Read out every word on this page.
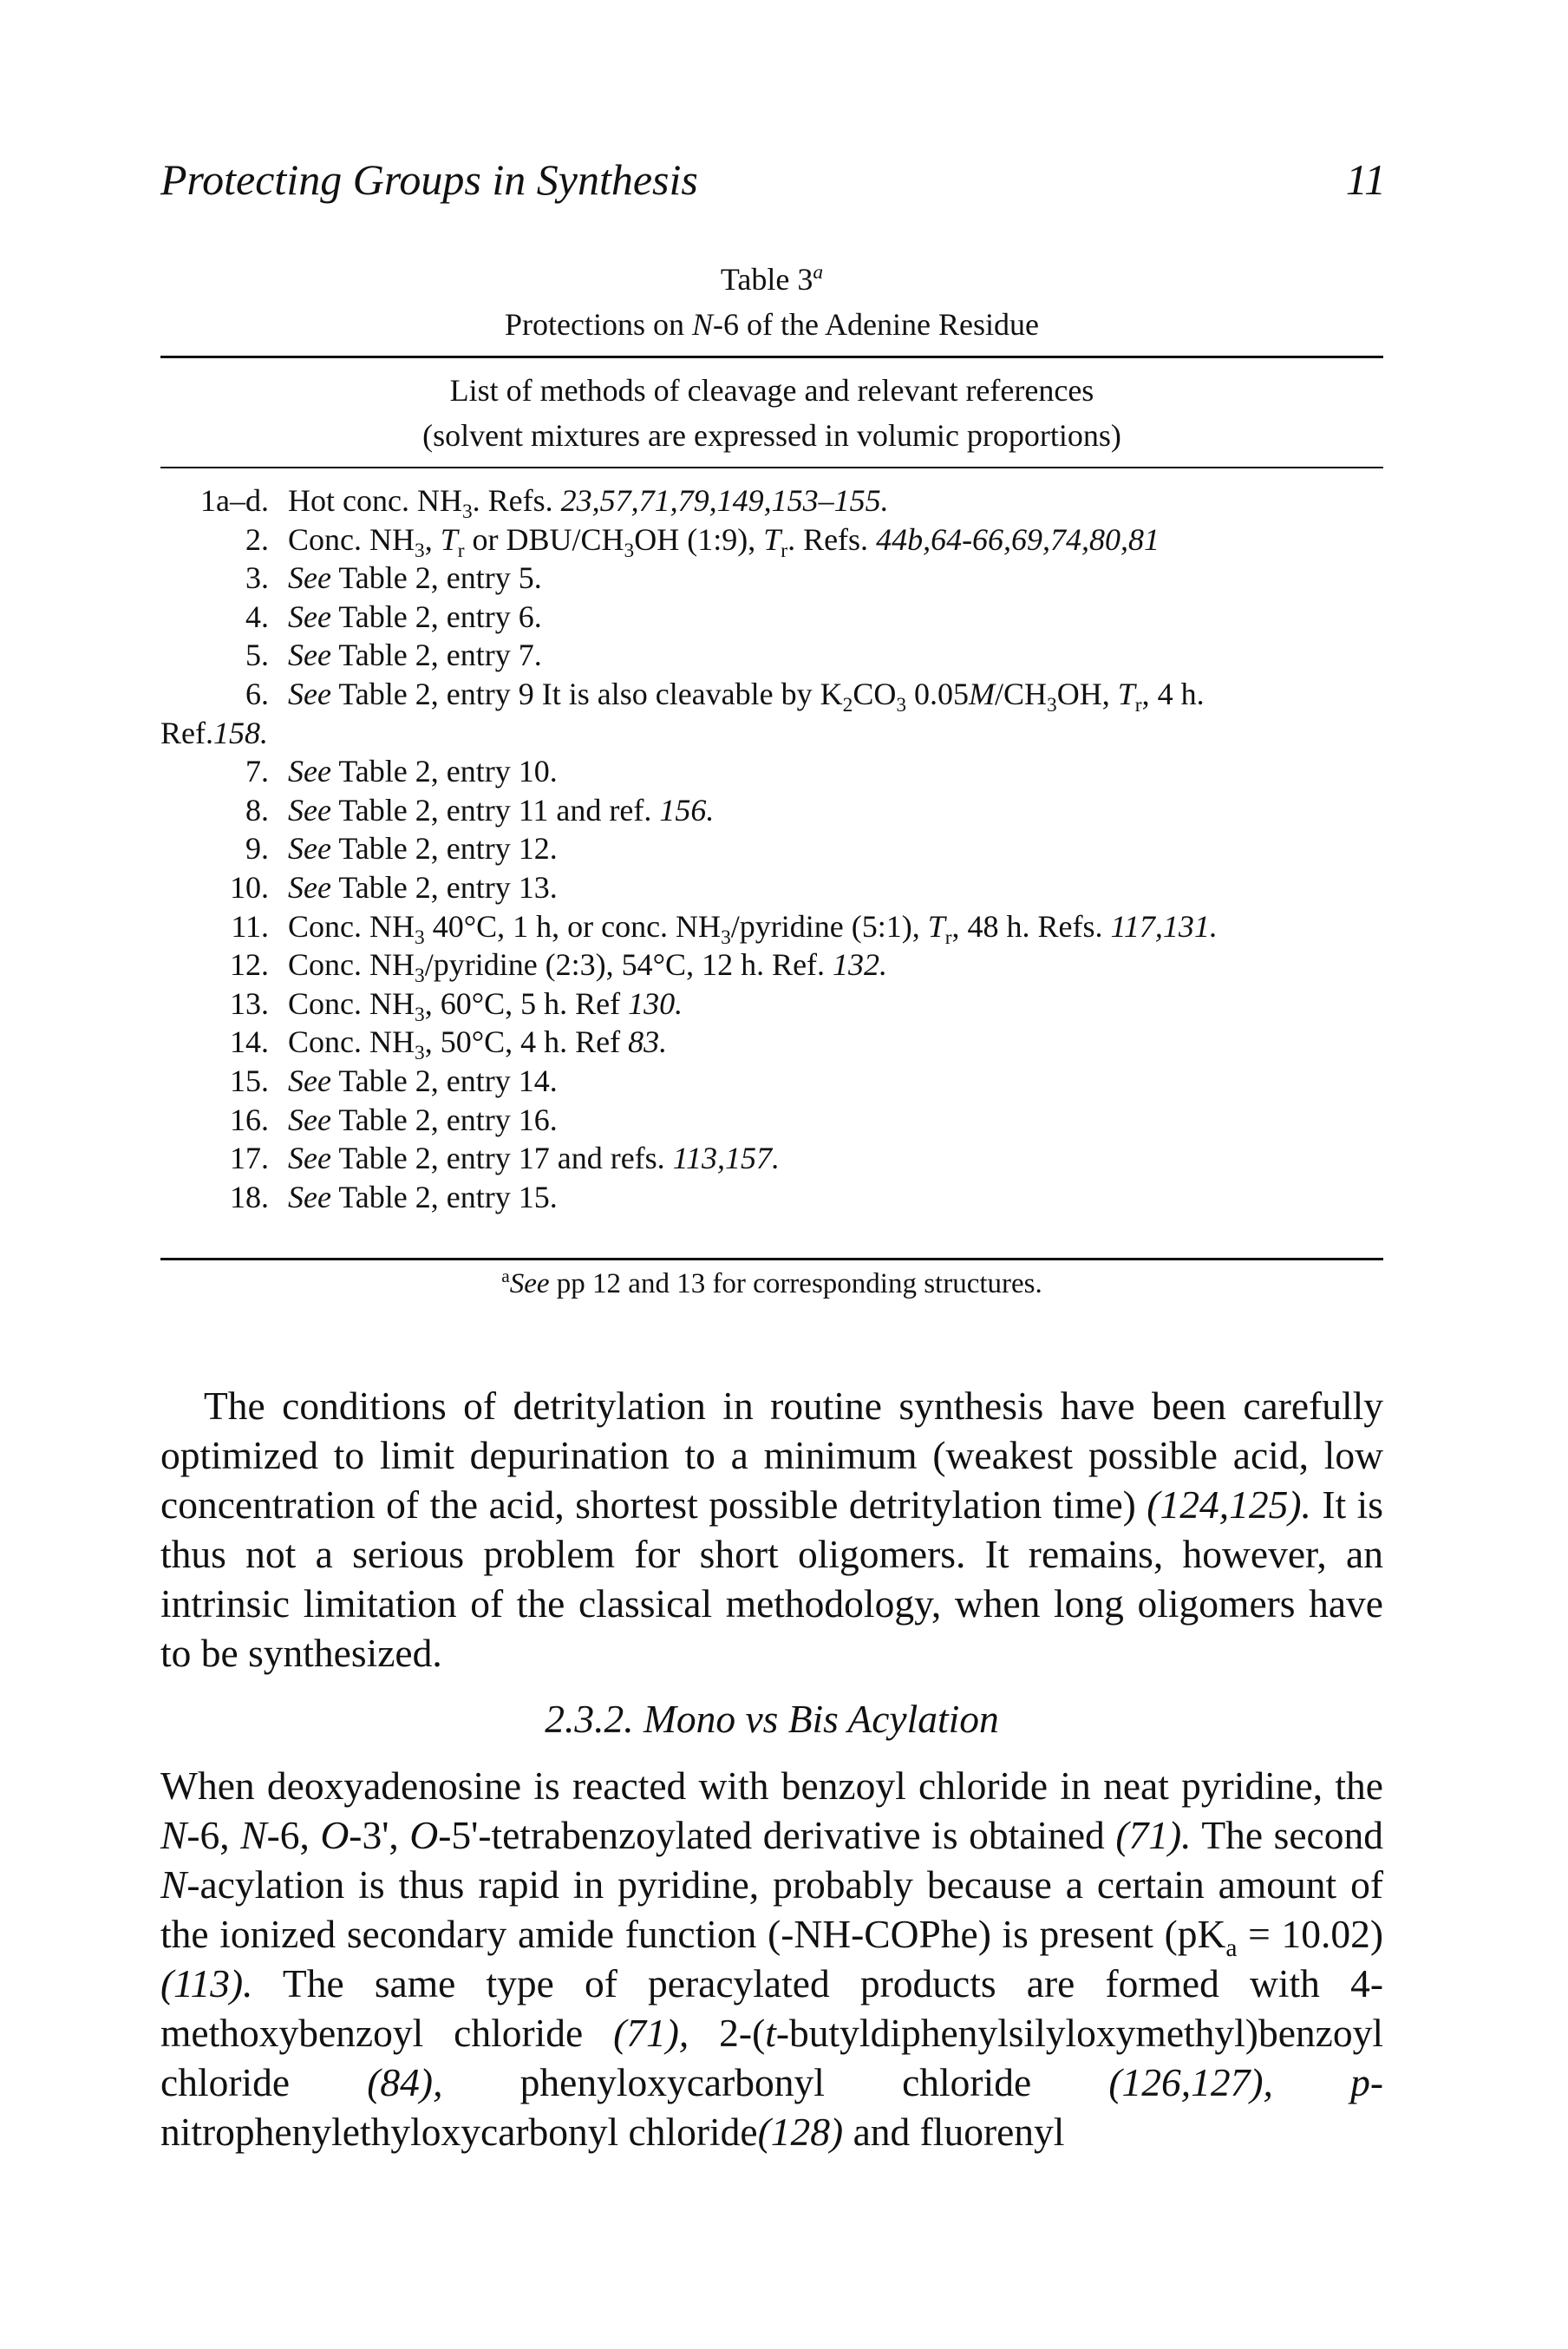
Protecting Groups in Synthesis	11
Table 3$^a$
Protections on N-6 of the Adenine Residue
List of methods of cleavage and relevant references
(solvent mixtures are expressed in volumic proportions)
1a–d. Hot conc. $NH_3$. Refs. 23,57,71,79,149,153–155.
2. Conc. $NH_3$, $T_r$ or DBU/$CH_3OH$ (1:9), $T_r$. Refs. 44b,64-66,69,74,80,81
3. See Table 2, entry 5.
4. See Table 2, entry 6.
5. See Table 2, entry 7.
6. See Table 2, entry 9 It is also cleavable by $K_2CO_3$ $0.05M/CH_3OH$, $T_r$, 4 h.
Ref. 158.
7. See Table 2, entry 10.
8. See Table 2, entry 11 and ref. 156.
9. See Table 2, entry 12.
10. See Table 2, entry 13.
11. Conc. $NH_3$ 40°C, 1 h, or conc. $NH_3$/pyridine (5:1), $T_r$, 48 h. Refs. 117,131.
12. Conc. $NH_3$/pyridine (2:3), 54°C, 12 h. Ref. 132.
13. Conc. $NH_3$, 60°C, 5 h. Ref 130.
14. Conc. $NH_3$, 50°C, 4 h. Ref 83.
15. See Table 2, entry 14.
16. See Table 2, entry 16.
17. See Table 2, entry 17 and refs. 113,157.
18. See Table 2, entry 15.
$^a$See pp 12 and 13 for corresponding structures.

The conditions of detritylation in routine synthesis have been carefully optimized to limit depurination to a minimum (weakest possible acid, low concentration of the acid, shortest possible detritylation time) (124,125). It is thus not a serious problem for short oligomers. It remains, however, an intrinsic limitation of the classical methodology, when long oligomers have to be synthesized.

2.3.2. Mono vs Bis Acylation

When deoxyadenosine is reacted with benzoyl chloride in neat pyridine, the N-6, N-6, O-3', O-5'-tetrabenzoylated derivative is obtained (71). The second N-acylation is thus rapid in pyridine, probably because a certain amount of the ionized secondary amide function (-NH-COPhe) is present $(pK_a = 10.02)$ (113). The same type of peracylated products are formed with 4-methoxybenzoyl chloride (71), 2-(t-butyldiphenylsilyloxymethyl)benzoyl chloride (84), phenyloxycarbonyl chloride (126,127), p-nitrophenylethyloxycarbonyl chloride(128) and fluorenyl
